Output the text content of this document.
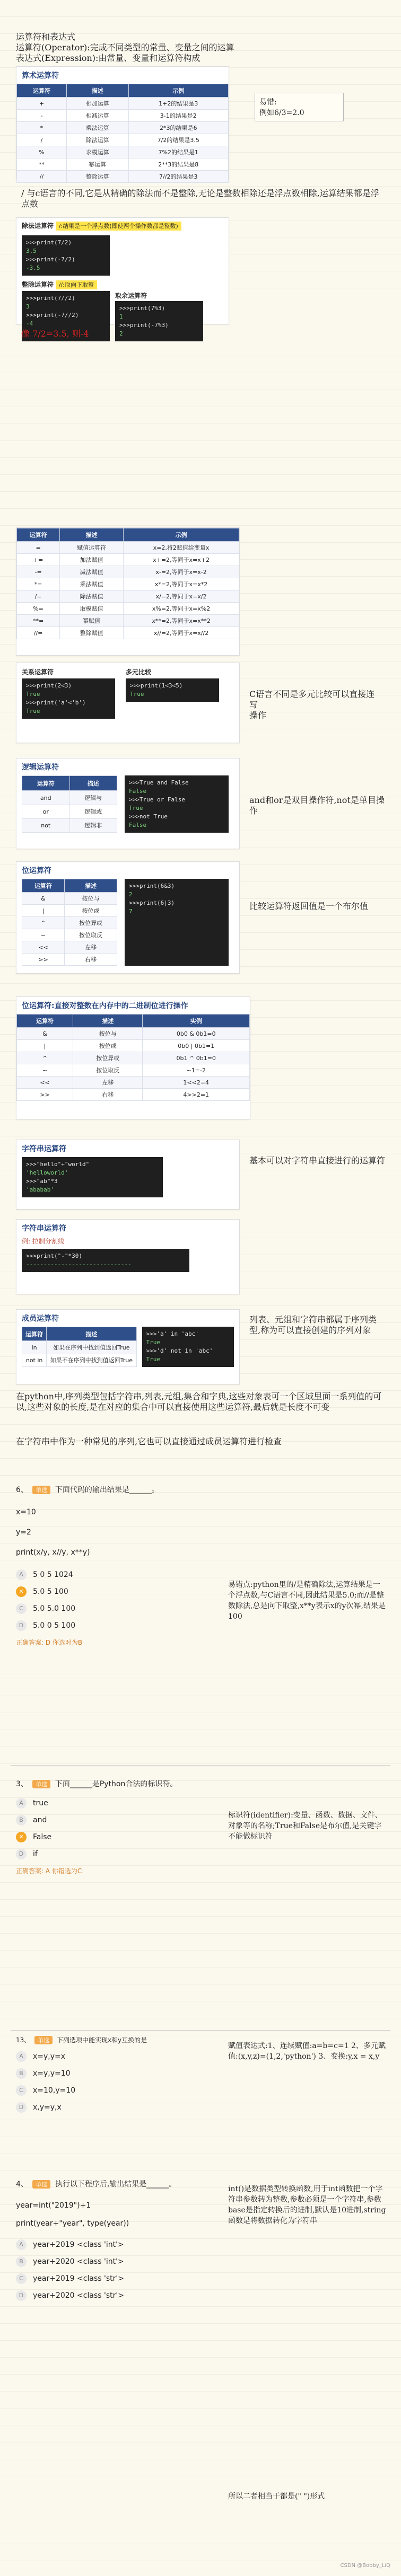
运算符和表达式
运算符(Operator):完成不同类型的常量、变量之间的运算
表达式(Expression):由常量、变量和运算符构成
算术运算符
运算符	描述	示例
+	相加运算	1+2的结果是3
-	相减运算	3-1的结果是2
*	乘法运算	2*3的结果是6
/	除法运算	7/2的结果是3.5
%	求模运算	7%2的结果是1
**	幂运算	2**3的结果是8
//	整除运算	7//2的结果是3
易错:
例如6/3=2.0
/ 与c语言的不同,它是从精确的除法而不是整除,无论是整数相除还是浮点数相除,运算结果都是浮点数
除法运算符 /:结果是一个浮点数(即使两个操作数都是整数)
>>>print(7/2)
3.5
>>>print(-7/2)
-3.5
整除运算符 //:取向下取整
>>>print(7//2)
3
>>>print(-7//2)
-4
取余运算符
>>>print(7%3)
1
>>>print(-7%3)
2
像 7/2=3.5, 则-4
运算符	描述	示例
=	赋值运算符	x=2,将2赋值给变量x
+=	加法赋值	x+=2,等同于x=x+2
-=	减法赋值	x-=2,等同于x=x-2
*=	乘法赋值	x*=2,等同于x=x*2
/=	除法赋值	x/=2,等同于x=x/2
%=	取模赋值	x%=2,等同于x=x%2
**=	幂赋值	x**=2,等同于x=x**2
//=	整除赋值	x//=2,等同于x=x//2
关系运算符
>>>print(2<3)
True
>>>print('a'<'b')
True
多元比较
>>>print(1<3<5)
True	C语言不同是多元比较可以直接连写
操作
逻辑运算符
运算符	描述
and	逻辑与
or	逻辑或
not	逻辑非
>>>True and False
False
>>>True or False
True
>>>not True
False
and和or是双目操作符,not是单目操作
位运算符
运算符	描述
&	按位与
|	按位或
^	按位异或
~	按位取反
<<	左移
>>	右移
>>>print(6&3)
2
>>>print(6|3)
7
比较运算符返回值是一个布尔值
位运算符:直接对整数在内存中的二进制位进行操作
运算符	描述	实例
&	按位与	0b0 & 0b1=0
|	按位或	0b0 | 0b1=1
^	按位异或	0b1 ^ 0b1=0
~	按位取反	~1=-2
<<	左移	1<<2=4
>>	右移	4>>2=1
字符串运算符
>>>"hello"+"world"
'helloworld'
>>>"ab"*3
'ababab'
基本可以对字符串直接进行的运算符
字符串运算符
例: 拉制分割线
>>>print("-"*30)
------------------------------
成员运算符
运算符	描述
in	如果在序列中找到值返回True
not in	如果不在序列中找到值返回True
>>>'a' in 'abc'
True
>>>'d' not in 'abc'
True
列表、元组和字符串都属于序列类型,称为可以直接创建的序列对象
在python中,序列类型包括字符串,列表,元组,集合和字典,这些对象表可一个区域里面一系列值的可以,这些对象的长度,是在对应的集合中可以直接使用这些运算符,最后就是长度不可变
在字符串中作为一种常见的序列,它也可以直接通过成员运算符进行检查
6、 单选 下面代码的输出结果是______。
x=10
y=2
print(x/y, x//y, x**y)
A	5 0 5 1024
✕	5.0 5 100
C	5.0 5.0 100
D	5.0 0 5 100
正确答案: D 你选对为B
易错点:python里的/是精确除法,运算结果是一个浮点数,与C语言不同,因此结果是5.0;而//是整数除法,总是向下取整,x**y表示x的y次幂,结果是100
3、 单选 下面______是Python合法的标识符。
A	true
B	and
✕	False
D	if
正确答案: A 你错选为C
标识符(identifier):变量、函数、数据、文件、对象等的名称;True和False是布尔值,是关键字不能做标识符
13、 单选 下列选项中能实现x和y互换的是
A	x=y,y=x
B	x=y,y=10
C	x=10,y=10
D	x,y=y,x
赋值表达式:1、连续赋值:a=b=c=1 2、多元赋值:(x,y,z)=(1,2,'python') 3、变换:y,x = x,y
4、 单选 执行以下程序后,输出结果是______。
year=int("2019")+1
print(year+"year", type(year))
A	year+2019 <class 'int'>
B	year+2020 <class 'int'>
C	year+2019 <class 'str'>
D	year+2020 <class 'str'>
int()是数据类型转换函数,用于int函数把一个字符串参数转为整数,参数必须是一个字符串,参数base是指定转换后的进制,默认是10进制,string函数是将数据转化为字符串
所以二者相当于都是(" ")形式
CSDN @Bobby_LiQ
